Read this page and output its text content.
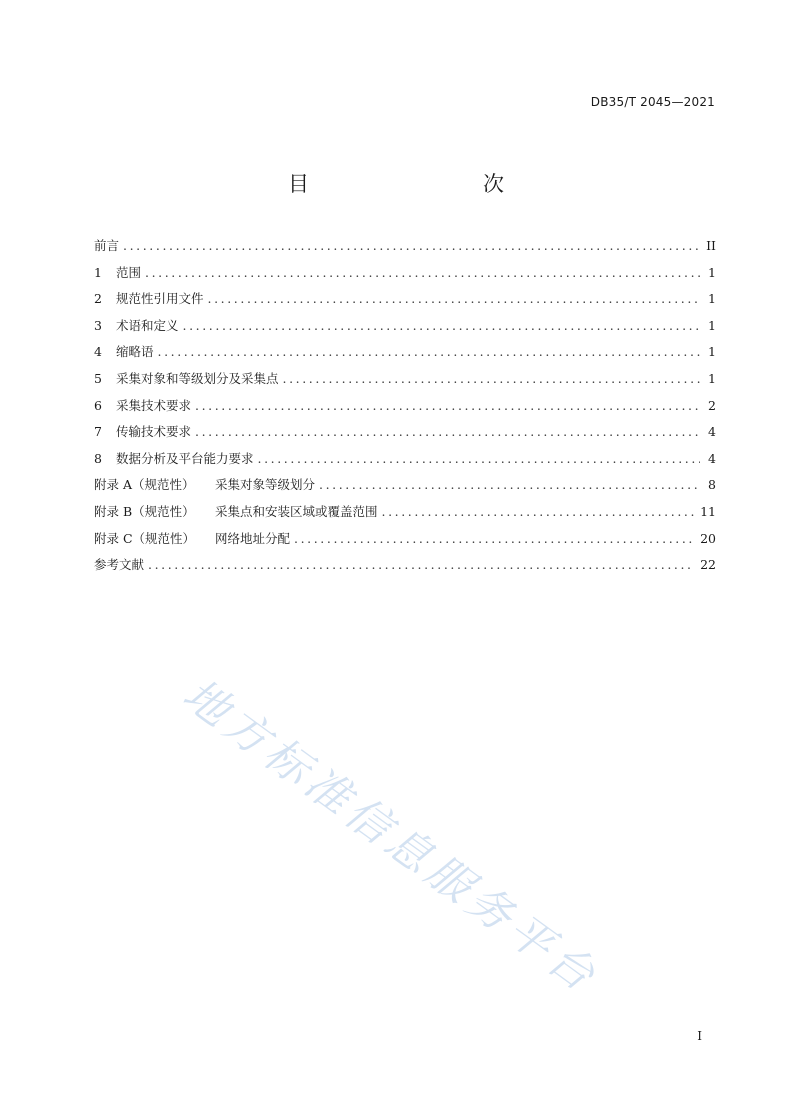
DB35/T 2045—2021
目　　次
前言 .....	II
1	范围 .....	1
2	规范性引用文件 .....	1
3	术语和定义 .....	1
4	缩略语 .....	1
5	采集对象和等级划分及采集点 .....	1
6	采集技术要求 .....	2
7	传输技术要求 .....	4
8	数据分析及平台能力要求 .....	4
附录 A（规范性）	采集对象等级划分 .....	8
附录 B（规范性）	采集点和安装区域或覆盖范围 .....	11
附录 C（规范性）	网络地址分配 .....	20
参考文献 .....	22
地方标准信息服务平台
I
